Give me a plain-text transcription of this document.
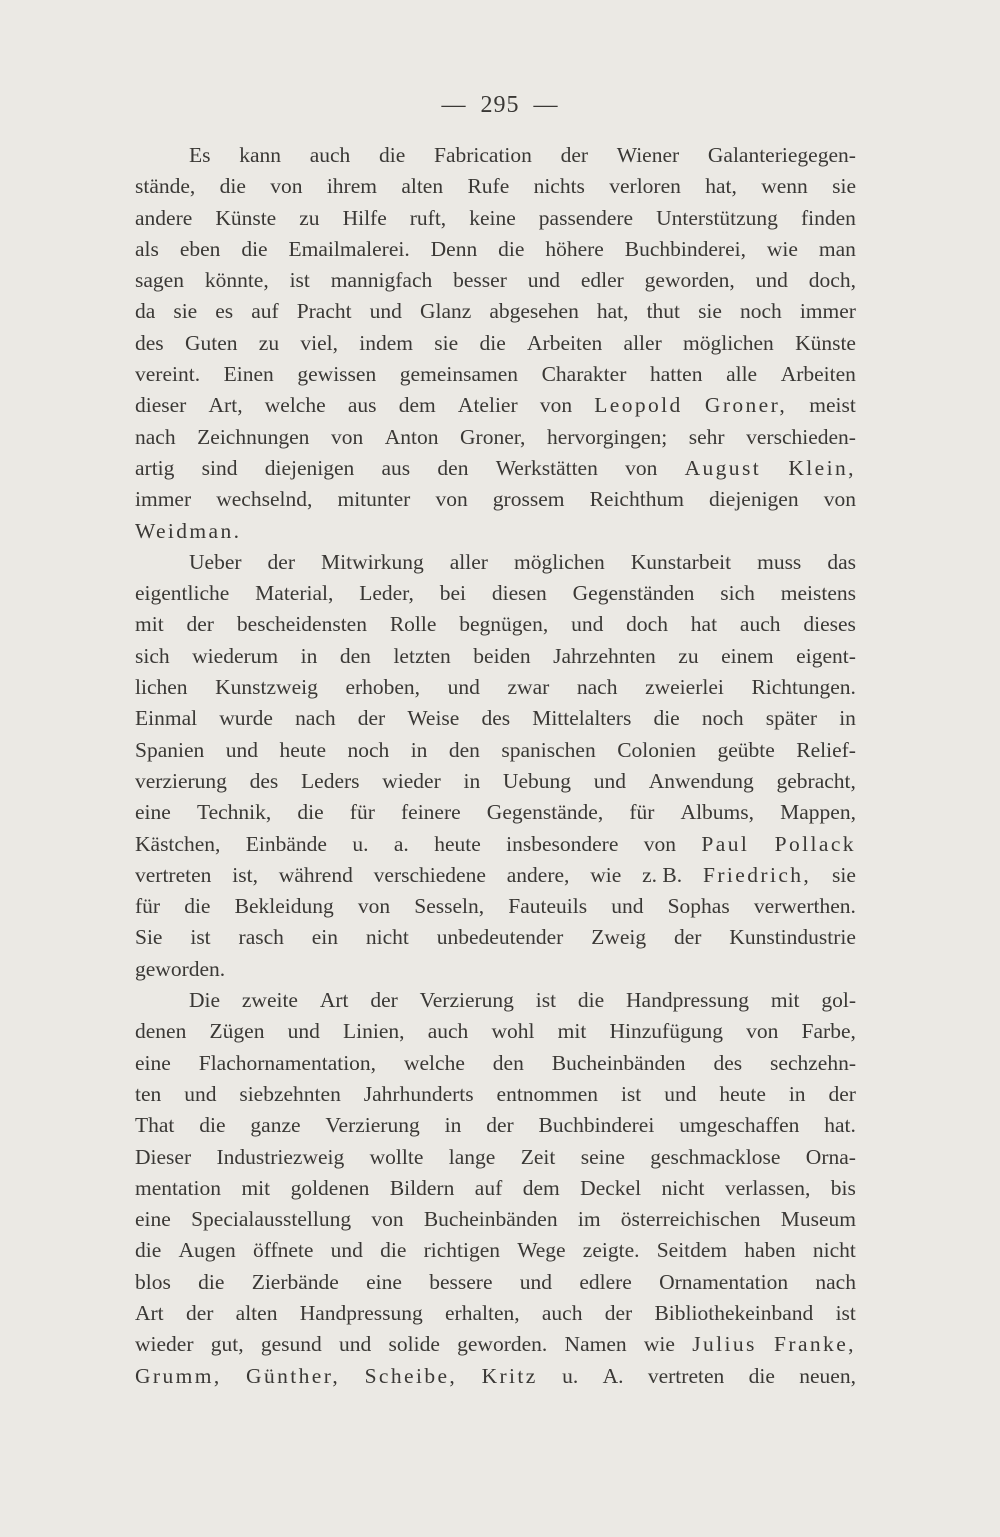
— 295 —
Es kann auch die Fabrication der Wiener Galanteriegegen-
stände, die von ihrem alten Rufe nichts verloren hat, wenn sie
andere Künste zu Hilfe ruft, keine passendere Unterstützung finden
als eben die Emailmalerei. Denn die höhere Buchbinderei, wie man
sagen könnte, ist mannigfach besser und edler geworden, und doch,
da sie es auf Pracht und Glanz abgesehen hat, thut sie noch immer
des Guten zu viel, indem sie die Arbeiten aller möglichen Künste
vereint. Einen gewissen gemeinsamen Charakter hatten alle Arbeiten
dieser Art, welche aus dem Atelier von Leopold Groner, meist
nach Zeichnungen von Anton Groner, hervorgingen; sehr verschieden-
artig sind diejenigen aus den Werkstätten von August Klein,
immer wechselnd, mitunter von grossem Reichthum diejenigen von
Weidman.
Ueber der Mitwirkung aller möglichen Kunstarbeit muss das
eigentliche Material, Leder, bei diesen Gegenständen sich meistens
mit der bescheidensten Rolle begnügen, und doch hat auch dieses
sich wiederum in den letzten beiden Jahrzehnten zu einem eigent-
lichen Kunstzweig erhoben, und zwar nach zweierlei Richtungen.
Einmal wurde nach der Weise des Mittelalters die noch später in
Spanien und heute noch in den spanischen Colonien geübte Relief-
verzierung des Leders wieder in Uebung und Anwendung gebracht,
eine Technik, die für feinere Gegenstände, für Albums, Mappen,
Kästchen, Einbände u. a. heute insbesondere von Paul Pollack
vertreten ist, während verschiedene andere, wie z. B. Friedrich, sie
für die Bekleidung von Sesseln, Fauteuils und Sophas verwerthen.
Sie ist rasch ein nicht unbedeutender Zweig der Kunstindustrie
geworden.
Die zweite Art der Verzierung ist die Handpressung mit gol-
denen Zügen und Linien, auch wohl mit Hinzufügung von Farbe,
eine Flachornamentation, welche den Bucheinbänden des sechzehn-
ten und siebzehnten Jahrhunderts entnommen ist und heute in der
That die ganze Verzierung in der Buchbinderei umgeschaffen hat.
Dieser Industriezweig wollte lange Zeit seine geschmacklose Orna-
mentation mit goldenen Bildern auf dem Deckel nicht verlassen, bis
eine Specialausstellung von Bucheinbänden im österreichischen Museum
die Augen öffnete und die richtigen Wege zeigte. Seitdem haben nicht
blos die Zierbände eine bessere und edlere Ornamentation nach
Art der alten Handpressung erhalten, auch der Bibliothekeinband ist
wieder gut, gesund und solide geworden. Namen wie Julius Franke,
Grumm, Günther, Scheibe, Kritz u. A. vertreten die neuen,
